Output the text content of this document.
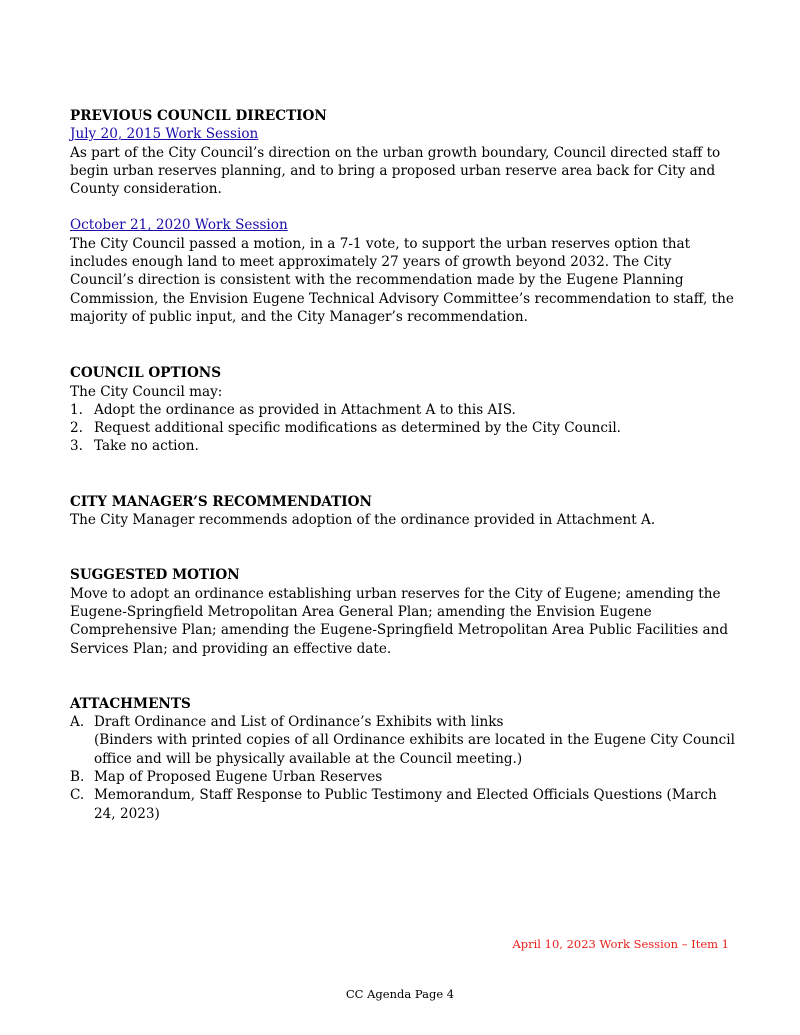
PREVIOUS COUNCIL DIRECTION

July 20, 2015 Work Session

As part of the City Council’s direction on the urban growth boundary, Council directed staff to begin urban reserves planning, and to bring a proposed urban reserve area back for City and County consideration.

October 21, 2020 Work Session

The City Council passed a motion, in a 7-1 vote, to support the urban reserves option that includes enough land to meet approximately 27 years of growth beyond 2032. The City Council’s direction is consistent with the recommendation made by the Eugene Planning Commission, the Envision Eugene Technical Advisory Committee’s recommendation to staff, the majority of public input, and the City Manager’s recommendation.

COUNCIL OPTIONS

The City Council may:

1. Adopt the ordinance as provided in Attachment A to this AIS.
2. Request additional specific modifications as determined by the City Council.
3. Take no action.

CITY MANAGER’S RECOMMENDATION

The City Manager recommends adoption of the ordinance provided in Attachment A.

SUGGESTED MOTION

Move to adopt an ordinance establishing urban reserves for the City of Eugene; amending the Eugene-Springfield Metropolitan Area General Plan; amending the Envision Eugene Comprehensive Plan; amending the Eugene-Springfield Metropolitan Area Public Facilities and Services Plan; and providing an effective date.

ATTACHMENTS

A. Draft Ordinance and List of Ordinance’s Exhibits with links
(Binders with printed copies of all Ordinance exhibits are located in the Eugene City Council office and will be physically available at the Council meeting.)
B. Map of Proposed Eugene Urban Reserves
C. Memorandum, Staff Response to Public Testimony and Elected Officials Questions (March 24, 2023)
April 10, 2023 Work Session – Item 1
CC Agenda Page 4
